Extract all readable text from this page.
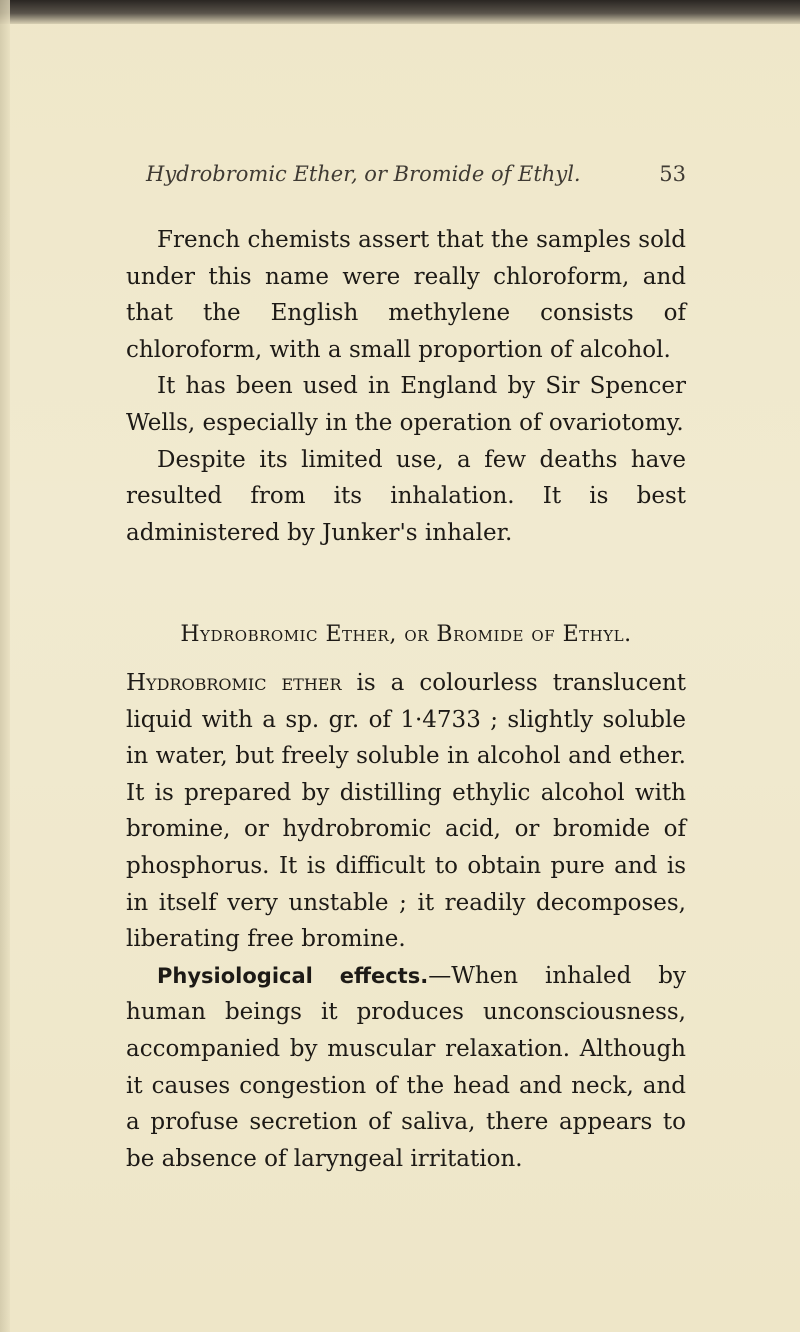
Hydrobromic Ether, or Bromide of Ethyl.	53

French chemists assert that the samples sold under this name were really chloroform, and that the English methylene consists of chloroform, with a small proportion of alcohol.

It has been used in England by Sir Spencer Wells, especially in the operation of ovariotomy.

Despite its limited use, a few deaths have resulted from its inhalation. It is best administered by Junker's inhaler.

Hydrobromic Ether, or Bromide of Ethyl.

Hydrobromic ether is a colourless translucent liquid with a sp. gr. of 1·4733 ; slightly soluble in water, but freely soluble in alcohol and ether. It is prepared by distilling ethylic alcohol with bromine, or hydrobromic acid, or bromide of phosphorus. It is difficult to obtain pure and is in itself very unstable ; it readily decomposes, liberating free bromine.

Physiological effects.—When inhaled by human beings it produces unconsciousness, accompanied by muscular relaxation. Although it causes congestion of the head and neck, and a profuse secretion of saliva, there appears to be absence of laryngeal irritation.
